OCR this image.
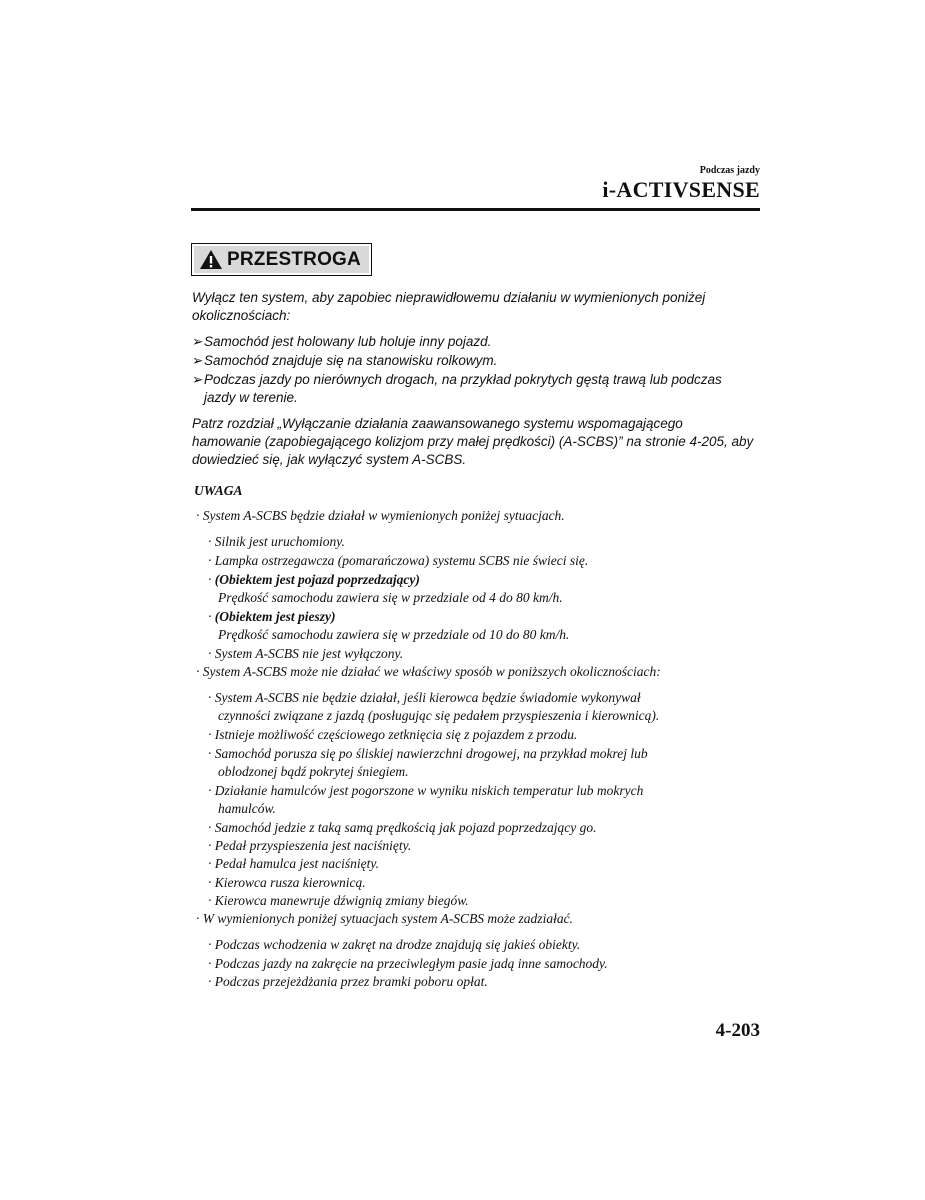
Podczas jazdy
i-ACTIVSENSE
PRZESTROGA
Wyłącz ten system, aby zapobiec nieprawidłowemu działaniu w wymienionych poniżej
okolicznościach:
➢Samochód jest holowany lub holuje inny pojazd.
➢Samochód znajduje się na stanowisku rolkowym.
➢Podczas jazdy po nierównych drogach, na przykład pokrytych gęstą trawą lub podczas
jazdy w terenie.
Patrz rozdział „Wyłączanie działania zaawansowanego systemu wspomagającego
hamowanie (zapobiegającego kolizjom przy małej prędkości) (A-SCBS)” na stronie 4-205, aby
dowiedzieć się, jak wyłączyć system A-SCBS.
UWAGA
· System A-SCBS będzie działał w wymienionych poniżej sytuacjach.
· Silnik jest uruchomiony.
· Lampka ostrzegawcza (pomarańczowa) systemu SCBS nie świeci się.
· (Obiektem jest pojazd poprzedzający)
Prędkość samochodu zawiera się w przedziale od 4 do 80 km/h.
· (Obiektem jest pieszy)
Prędkość samochodu zawiera się w przedziale od 10 do 80 km/h.
· System A-SCBS nie jest wyłączony.
· System A-SCBS może nie działać we właściwy sposób w poniższych okolicznościach:
· System A-SCBS nie będzie działał, jeśli kierowca będzie świadomie wykonywał
czynności związane z jazdą (posługując się pedałem przyspieszenia i kierownicą).
· Istnieje możliwość częściowego zetknięcia się z pojazdem z przodu.
· Samochód porusza się po śliskiej nawierzchni drogowej, na przykład mokrej lub
oblodzonej bądź pokrytej śniegiem.
· Działanie hamulców jest pogorszone w wyniku niskich temperatur lub mokrych
hamulców.
· Samochód jedzie z taką samą prędkością jak pojazd poprzedzający go.
· Pedał przyspieszenia jest naciśnięty.
· Pedał hamulca jest naciśnięty.
· Kierowca rusza kierownicą.
· Kierowca manewruje dźwignią zmiany biegów.
· W wymienionych poniżej sytuacjach system A-SCBS może zadziałać.
· Podczas wchodzenia w zakręt na drodze znajdują się jakieś obiekty.
· Podczas jazdy na zakręcie na przeciwległym pasie jadą inne samochody.
· Podczas przejeżdżania przez bramki poboru opłat.
4-203
